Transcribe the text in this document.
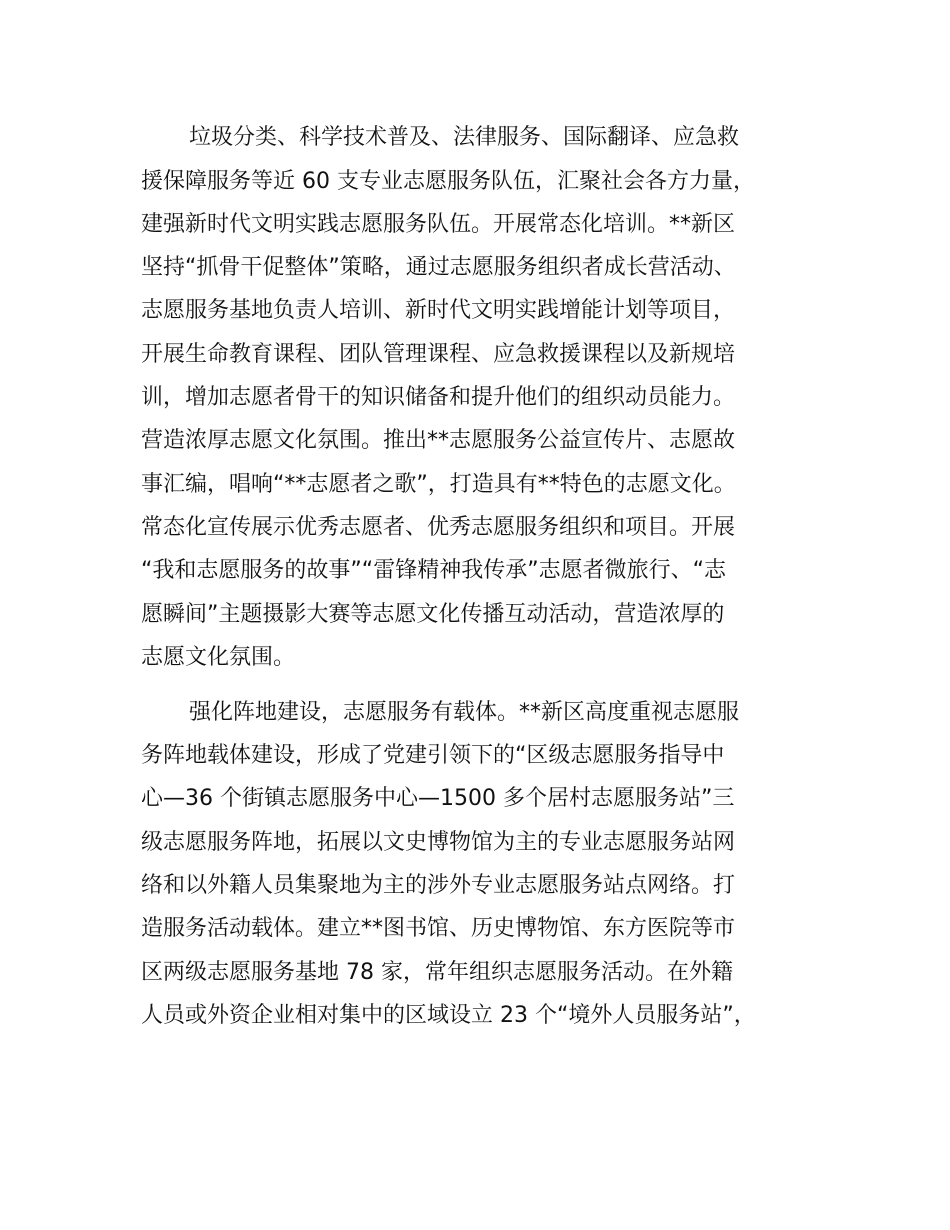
垃圾分类、科学技术普及、法律服务、国际翻译、应急救
援保障服务等近 60 支专业志愿服务队伍，汇聚社会各方力量，
建强新时代文明实践志愿服务队伍。开展常态化培训。**新区
坚持“抓骨干促整体”策略，通过志愿服务组织者成长营活动、
志愿服务基地负责人培训、新时代文明实践增能计划等项目，
开展生命教育课程、团队管理课程、应急救援课程以及新规培
训，增加志愿者骨干的知识储备和提升他们的组织动员能力。
营造浓厚志愿文化氛围。推出**志愿服务公益宣传片、志愿故
事汇编，唱响“**志愿者之歌”，打造具有**特色的志愿文化。
常态化宣传展示优秀志愿者、优秀志愿服务组织和项目。开展
“我和志愿服务的故事”“雷锋精神我传承”志愿者微旅行、“志
愿瞬间”主题摄影大赛等志愿文化传播互动活动，营造浓厚的
志愿文化氛围。
强化阵地建设，志愿服务有载体。**新区高度重视志愿服
务阵地载体建设，形成了党建引领下的“区级志愿服务指导中
心—36 个街镇志愿服务中心—1500 多个居村志愿服务站”三
级志愿服务阵地，拓展以文史博物馆为主的专业志愿服务站网
络和以外籍人员集聚地为主的涉外专业志愿服务站点网络。打
造服务活动载体。建立**图书馆、历史博物馆、东方医院等市
区两级志愿服务基地 78 家，常年组织志愿服务活动。在外籍
人员或外资企业相对集中的区域设立 23 个“境外人员服务站”，
